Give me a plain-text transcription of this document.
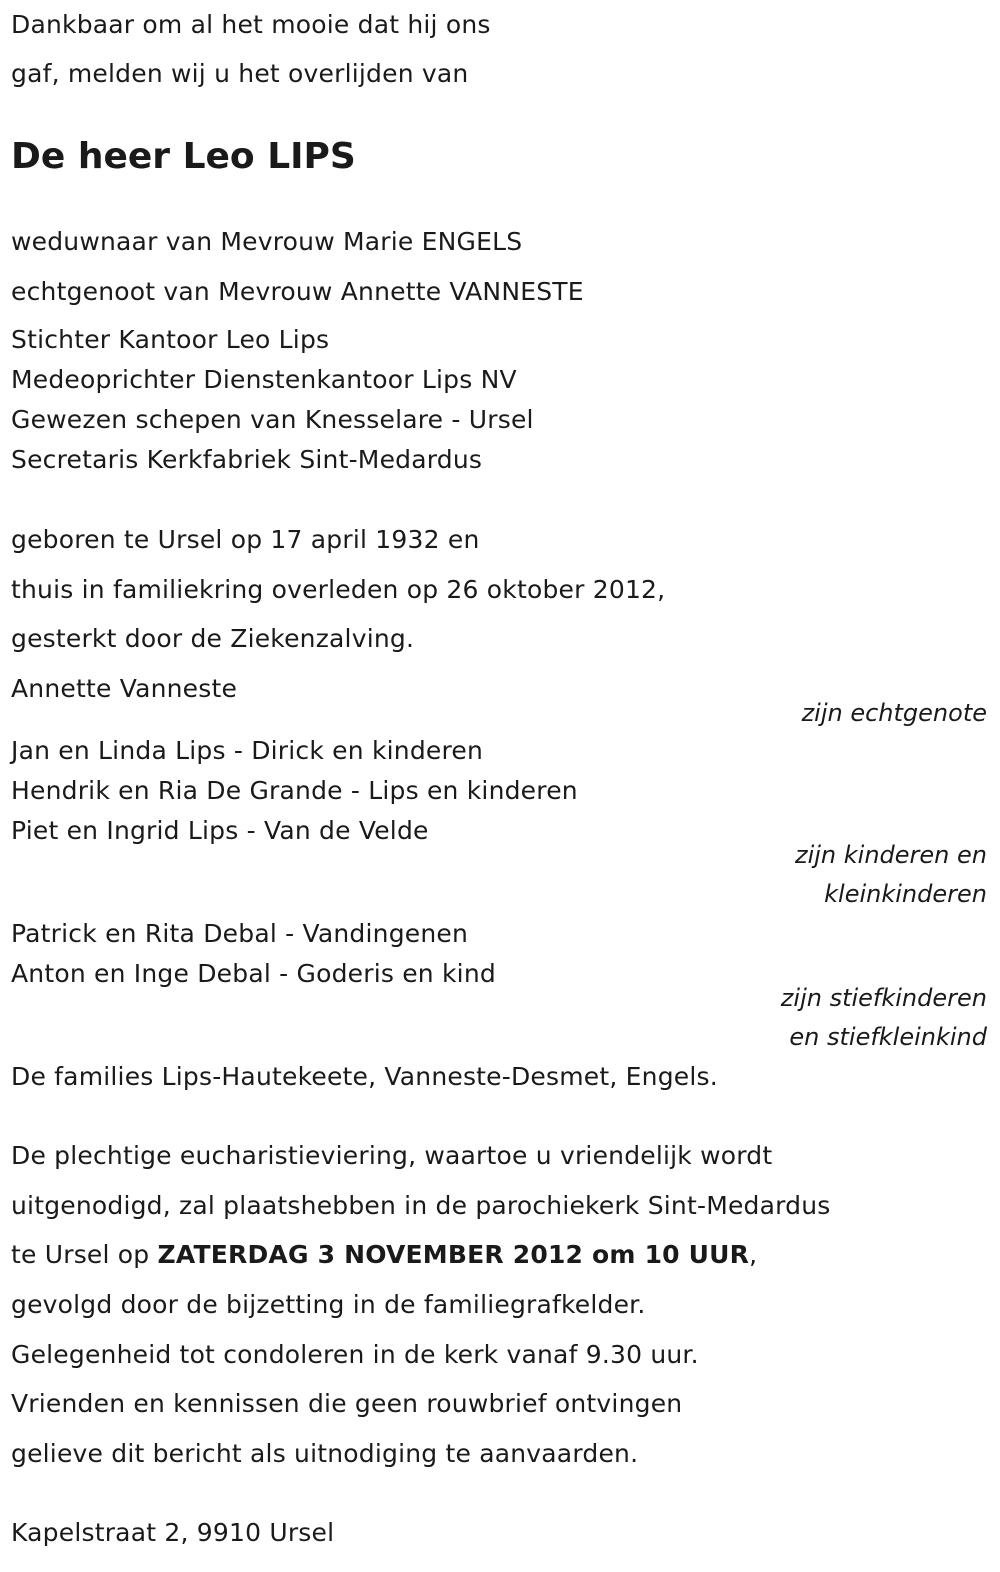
Dankbaar om al het mooie dat hij ons
gaf, melden wij u het overlijden van
De heer Leo LIPS
weduwnaar van Mevrouw Marie ENGELS
echtgenoot van Mevrouw Annette VANNESTE
Stichter Kantoor Leo Lips
Medeoprichter Dienstenkantoor Lips NV
Gewezen schepen van Knesselare - Ursel
Secretaris Kerkfabriek Sint-Medardus
geboren te Ursel op 17 april 1932 en
thuis in familiekring overleden op 26 oktober 2012,
gesterkt door de Ziekenzalving.
Annette Vanneste
zijn echtgenote
Jan en Linda Lips - Dirick en kinderen
Hendrik en Ria De Grande - Lips en kinderen
Piet en Ingrid Lips - Van de Velde
zijn kinderen en
kleinkinderen
Patrick en Rita Debal - Vandingenen
Anton en Inge Debal - Goderis en kind
zijn stiefkinderen
en stiefkleinkind
De families Lips-Hautekeete, Vanneste-Desmet, Engels.
De plechtige eucharistieviering, waartoe u vriendelijk wordt
uitgenodigd, zal plaatshebben in de parochiekerk Sint-Medardus
te Ursel op ZATERDAG 3 NOVEMBER 2012 om 10 UUR,
gevolgd door de bijzetting in de familiegrafkelder.
Gelegenheid tot condoleren in de kerk vanaf 9.30 uur.
Vrienden en kennissen die geen rouwbrief ontvingen
gelieve dit bericht als uitnodiging te aanvaarden.
Kapelstraat 2, 9910 Ursel
